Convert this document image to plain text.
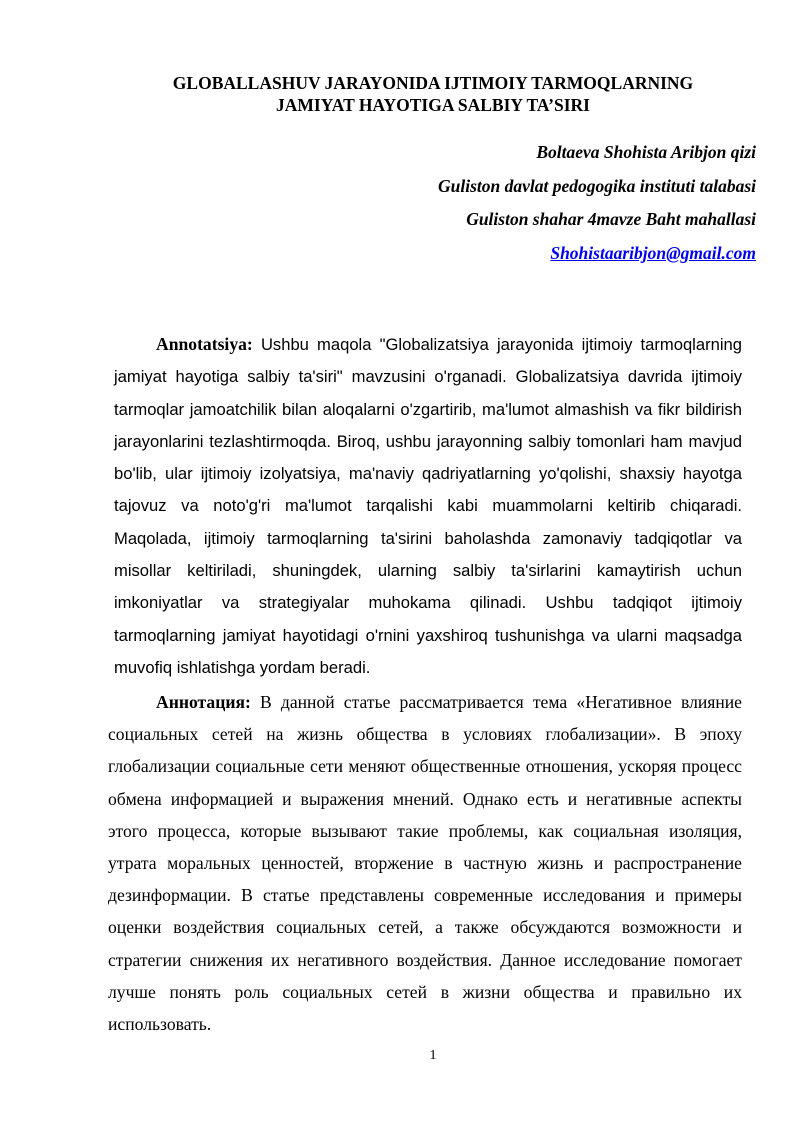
GLOBALLASHUV JARAYONIDA IJTIMOIY TARMOQLARNING
JAMIYAT HAYOTIGA SALBIY TA’SIRI
Boltaeva Shohista Aribjon qizi
Guliston davlat pedogogika instituti talabasi
Guliston shahar 4mavze Baht mahallasi
Shohistaaribjon@gmail.com

Annotatsiya: Ushbu maqola "Globalizatsiya jarayonida ijtimoiy tarmoqlarning jamiyat hayotiga salbiy ta'siri" mavzusini o'rganadi. Globalizatsiya davrida ijtimoiy tarmoqlar jamoatchilik bilan aloqalarni o'zgartirib, ma'lumot almashish va fikr bildirish jarayonlarini tezlashtirmoqda. Biroq, ushbu jarayonning salbiy tomonlari ham mavjud bo'lib, ular ijtimoiy izolyatsiya, ma'naviy qadriyatlarning yo'qolishi, shaxsiy hayotga tajovuz va noto'g'ri ma'lumot tarqalishi kabi muammolarni keltirib chiqaradi. Maqolada, ijtimoiy tarmoqlarning ta'sirini baholashda zamonaviy tadqiqotlar va misollar keltiriladi, shuningdek, ularning salbiy ta'sirlarini kamaytirish uchun imkoniyatlar va strategiyalar muhokama qilinadi. Ushbu tadqiqot ijtimoiy tarmoqlarning jamiyat hayotidagi o'rnini yaxshiroq tushunishga va ularni maqsadga muvofiq ishlatishga yordam beradi.

Аннотация: В данной статье рассматривается тема «Негативное влияние социальных сетей на жизнь общества в условиях глобализации». В эпоху глобализации социальные сети меняют общественные отношения, ускоряя процесс обмена информацией и выражения мнений. Однако есть и негативные аспекты этого процесса, которые вызывают такие проблемы, как социальная изоляция, утрата моральных ценностей, вторжение в частную жизнь и распространение дезинформации. В статье представлены современные исследования и примеры оценки воздействия социальных сетей, а также обсуждаются возможности и стратегии снижения их негативного воздействия. Данное исследование помогает лучше понять роль социальных сетей в жизни общества и правильно их использовать.

1
